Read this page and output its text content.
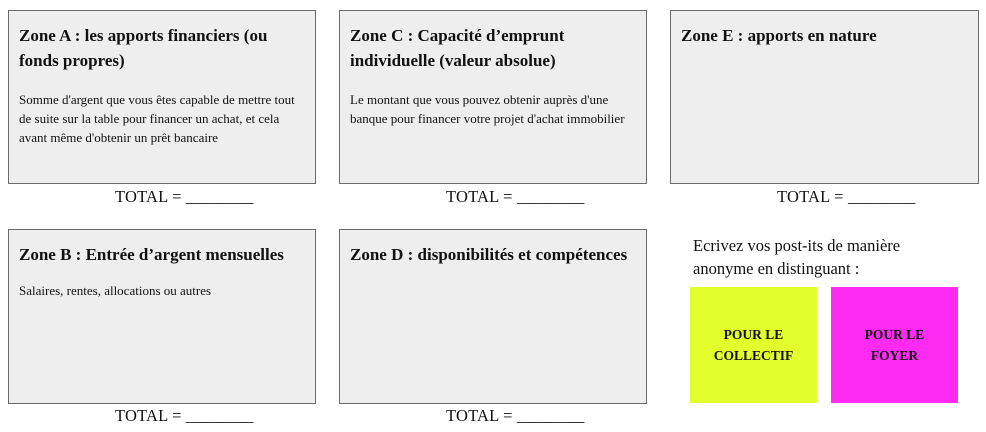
Zone A : les apports financiers (ou fonds propres)

Somme d'argent que vous êtes capable de mettre tout de suite sur la table pour financer un achat, et cela avant même d'obtenir un prêt bancaire
TOTAL = ________

Zone C : Capacité d’emprunt individuelle (valeur absolue)

Le montant que vous pouvez obtenir auprès d'une banque pour financer votre projet d'achat immobilier
TOTAL = ________

Zone E : apports en nature

TOTAL = ________

Zone B : Entrée d’argent mensuelles

Salaires, rentes, allocations ou autres
TOTAL = ________

Zone D : disponibilités et compétences

TOTAL = ________
Ecrivez vos post-its de manière anonyme en distinguant :
POUR LE COLLECTIF
POUR LE FOYER
